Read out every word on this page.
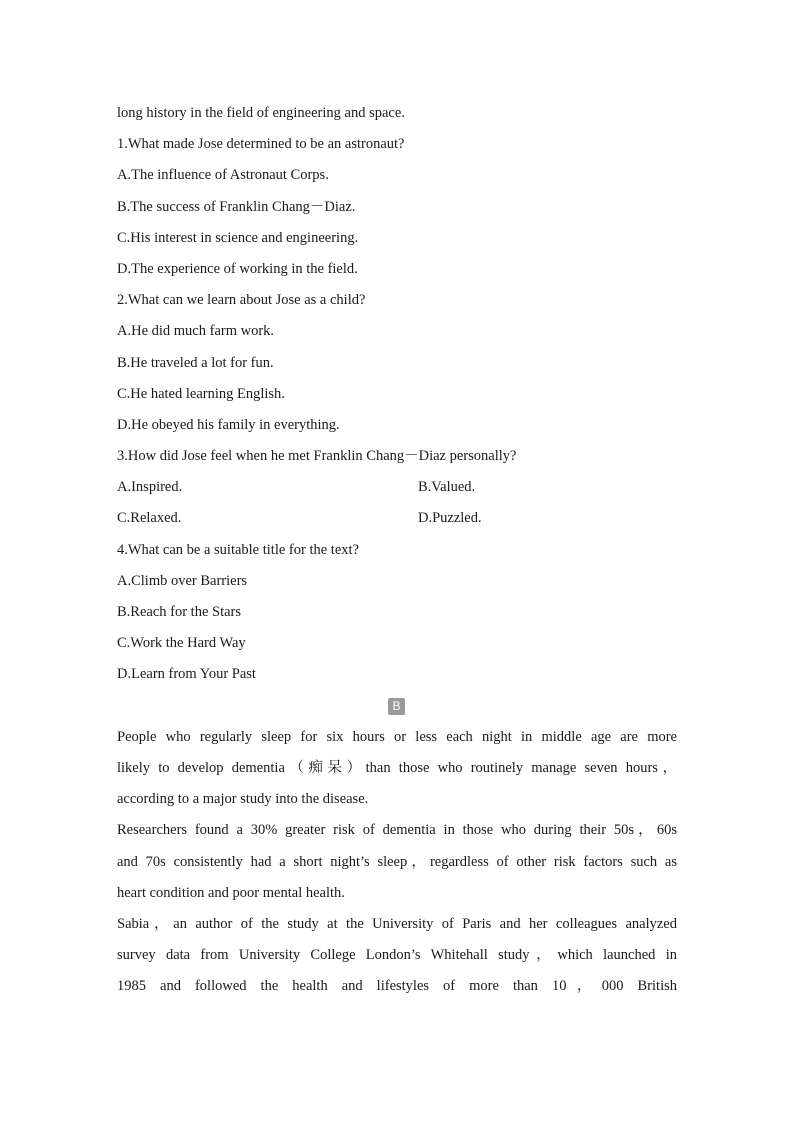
long history in the field of engineering and space.
1.What made Jose determined to be an astronaut?
A.The influence of Astronaut Corps.
B.The success of Franklin Chang－Diaz.
C.His interest in science and engineering.
D.The experience of working in the field.
2.What can we learn about Jose as a child?
A.He did much farm work.
B.He traveled a lot for fun.
C.He hated learning English.
D.He obeyed his family in everything.
3.How did Jose feel when he met Franklin Chang－Diaz personally?
A.Inspired.	B.Valued.
C.Relaxed.	D.Puzzled.
4.What can be a suitable title for the text?
A.Climb over Barriers
B.Reach for the Stars
C.Work the Hard Way
D.Learn from Your Past
B
People who regularly sleep for six hours or less each night in middle age are more
likely to develop dementia（痴呆）than those who routinely manage seven hours，
according to a major study into the disease.
Researchers found a 30% greater risk of dementia in those who during their 50s，60s
and 70s consistently had a short night’s sleep，regardless of other risk factors such as
heart condition and poor mental health.
Sabia，an author of the study at the University of Paris and her colleagues analyzed
survey data from University College London’s Whitehall study，which launched in
1985 and followed the health and lifestyles of more than 10，000 British
